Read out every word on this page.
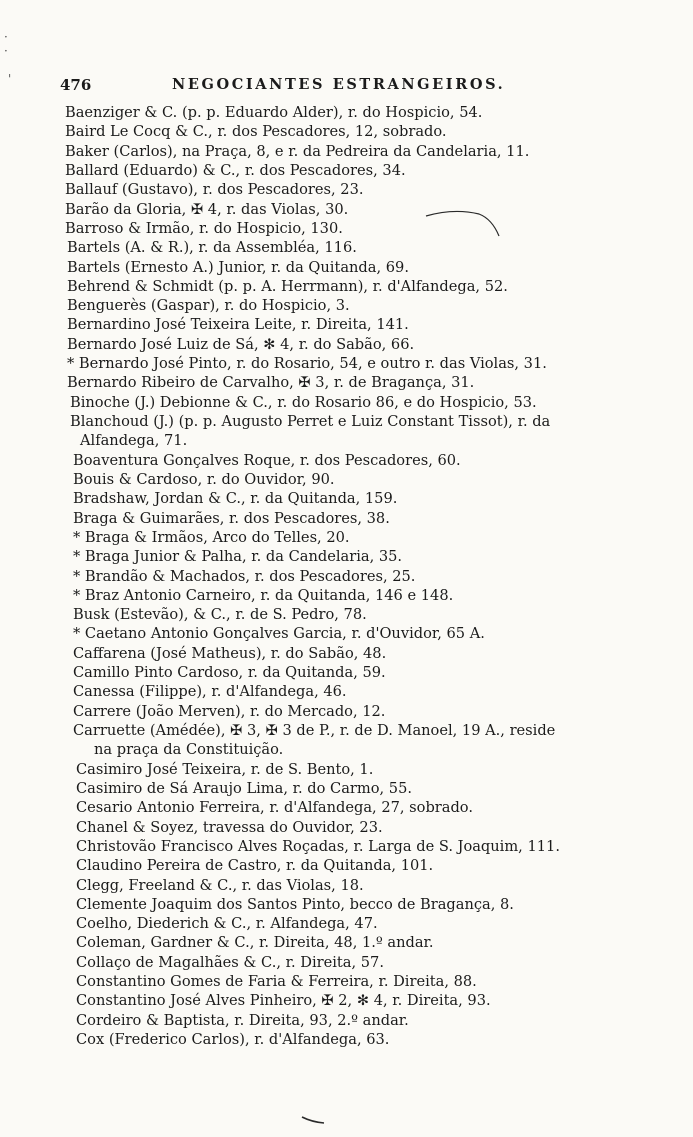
476	NEGOCIANTES ESTRANGEIROS.
·
·
'
Baenziger & C. (p. p. Eduardo Alder), r. do Hospicio, 54.
Baird Le Cocq & C., r. dos Pescadores, 12, sobrado.
Baker (Carlos), na Praça, 8, e r. da Pedreira da Candelaria, 11.
Ballard (Eduardo) & C., r. dos Pescadores, 34.
Ballauf (Gustavo), r. dos Pescadores, 23.
Barão da Gloria, ✠ 4, r. das Violas, 30.
Barroso & Irmão, r. do Hospicio, 130.
Bartels (A. & R.), r. da Assembléa, 116.
Bartels (Ernesto A.) Junior, r. da Quitanda, 69.
Behrend & Schmidt (p. p. A. Herrmann), r. d'Alfandega, 52.
Benguerès (Gaspar), r. do Hospicio, 3.
Bernardino José Teixeira Leite, r. Direita, 141.
Bernardo José Luiz de Sá, ✻ 4, r. do Sabão, 66.
* Bernardo José Pinto, r. do Rosario, 54, e outro r. das Violas, 31.
Bernardo Ribeiro de Carvalho, ✠ 3, r. de Bragança, 31.
Binoche (J.) Debionne & C., r. do Rosario 86, e do Hospicio, 53.
Blanchoud (J.) (p. p. Augusto Perret e Luiz Constant Tissot), r. da
Alfandega, 71.
Boaventura Gonçalves Roque, r. dos Pescadores, 60.
Bouis & Cardoso, r. do Ouvidor, 90.
Bradshaw, Jordan & C., r. da Quitanda, 159.
Braga & Guimarães, r. dos Pescadores, 38.
* Braga & Irmãos, Arco do Telles, 20.
* Braga Junior & Palha, r. da Candelaria, 35.
* Brandão & Machados, r. dos Pescadores, 25.
* Braz Antonio Carneiro, r. da Quitanda, 146 e 148.
Busk (Estevão), & C., r. de S. Pedro, 78.
* Caetano Antonio Gonçalves Garcia, r. d'Ouvidor, 65 A.
Caffarena (José Matheus), r. do Sabão, 48.
Camillo Pinto Cardoso, r. da Quitanda, 59.
Canessa (Filippe), r. d'Alfandega, 46.
Carrere (João Merven), r. do Mercado, 12.
Carruette (Amédée), ✠ 3, ✠ 3 de P., r. de D. Manoel, 19 A., reside
na praça da Constituição.
Casimiro José Teixeira, r. de S. Bento, 1.
Casimiro de Sá Araujo Lima, r. do Carmo, 55.
Cesario Antonio Ferreira, r. d'Alfandega, 27, sobrado.
Chanel & Soyez, travessa do Ouvidor, 23.
Christovão Francisco Alves Roçadas, r. Larga de S. Joaquim, 111.
Claudino Pereira de Castro, r. da Quitanda, 101.
Clegg, Freeland & C., r. das Violas, 18.
Clemente Joaquim dos Santos Pinto, becco de Bragança, 8.
Coelho, Diederich & C., r. Alfandega, 47.
Coleman, Gardner & C., r. Direita, 48, 1.º andar.
Collaço de Magalhães & C., r. Direita, 57.
Constantino Gomes de Faria & Ferreira, r. Direita, 88.
Constantino José Alves Pinheiro, ✠ 2, ✻ 4, r. Direita, 93.
Cordeiro & Baptista, r. Direita, 93, 2.º andar.
Cox (Frederico Carlos), r. d'Alfandega, 63.
